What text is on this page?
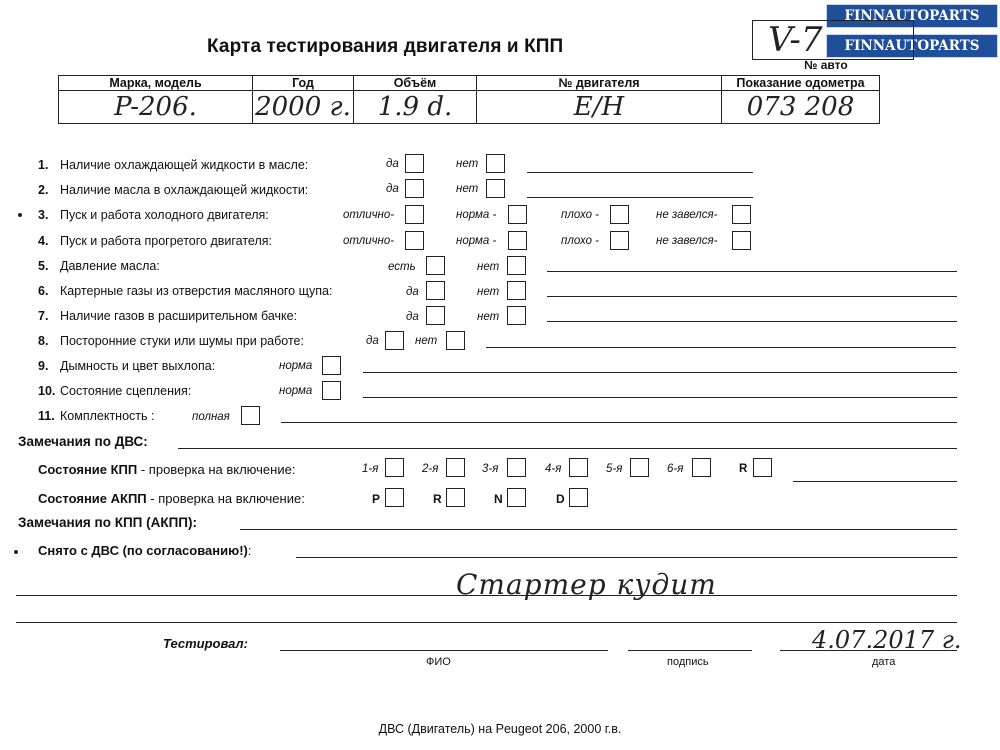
FINNAUTOPARTS
FINNAUTOPARTS
Карта тестирования двигателя и КПП	V-7
№ авто
Марка, модель	Год	Объём	№ двигателя	Показание одометра
P-206.	2000 г.	1.9 d.	E/H	073 208
1. Наличие охлаждающей жидкости в масле:	да	нет
2. Наличие масла в охлаждающей жидкости:	да	нет
3. Пуск и работа холодного двигателя:	отлично-	норма -	плохо -	не завелся-
4. Пуск и работа прогретого двигателя:	отлично-	норма -	плохо -	не завелся-
5. Давление масла:	есть	нет
6. Картерные газы из отверстия масляного щупа:	да	нет
7. Наличие газов в расширительном бачке:	да	нет
8. Посторонние стуки или шумы при работе:	да	нет
9. Дымность и цвет выхлопа:	норма
10. Состояние сцепления:	норма
11. Комплектность :	полная
Замечания по ДВС:
Состояние КПП - проверка на включение:	1-я	2-я	3-я	4-я	5-я	6-я	R
Состояние АКПП - проверка на включение:	P	R	N	D
Замечания по КПП (АКПП):
Снято с ДВС (по согласованию!):
Стартер кудит
Тестировал:	4.07.2017 г.
ФИО	подпись	дата
ДВС (Двигатель) на Peugeot 206, 2000 г.в.
